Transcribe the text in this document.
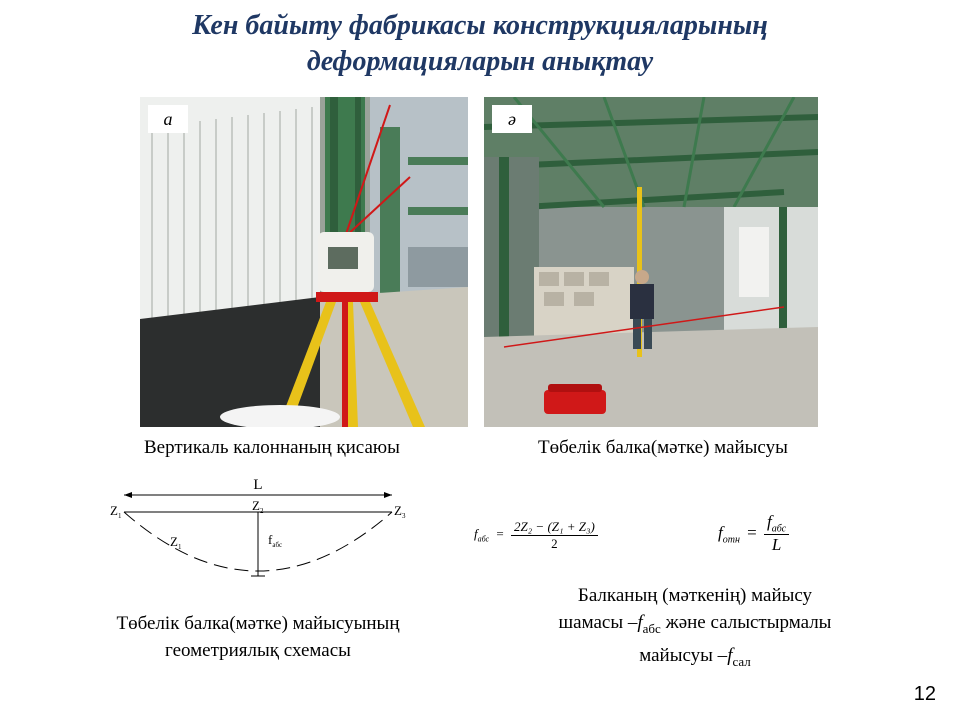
Кен байыту фабрикасы конструкцияларының
деформацияларын анықтау
а	ә
Вертикаль калоннаның қисаюы	Төбелік балка(мәтке) майысуы
L
$Z_1$
$Z_2$	$Z_3$
$Z_1$	$f_{абс}$
$f_{абс} = \frac{\text{2Z₂ − (Z₁ + Z₃)}}{2}$	$f_{отн} = \frac{f_{абс}}{L}$
Төбелік балка(мәтке) майысуының
геометриялық схемасы
Балканың (мәткенің) майысу
шамасы $-f_{абс}$ және салыстырмалы
майысуы $-f_{сал}$
12
